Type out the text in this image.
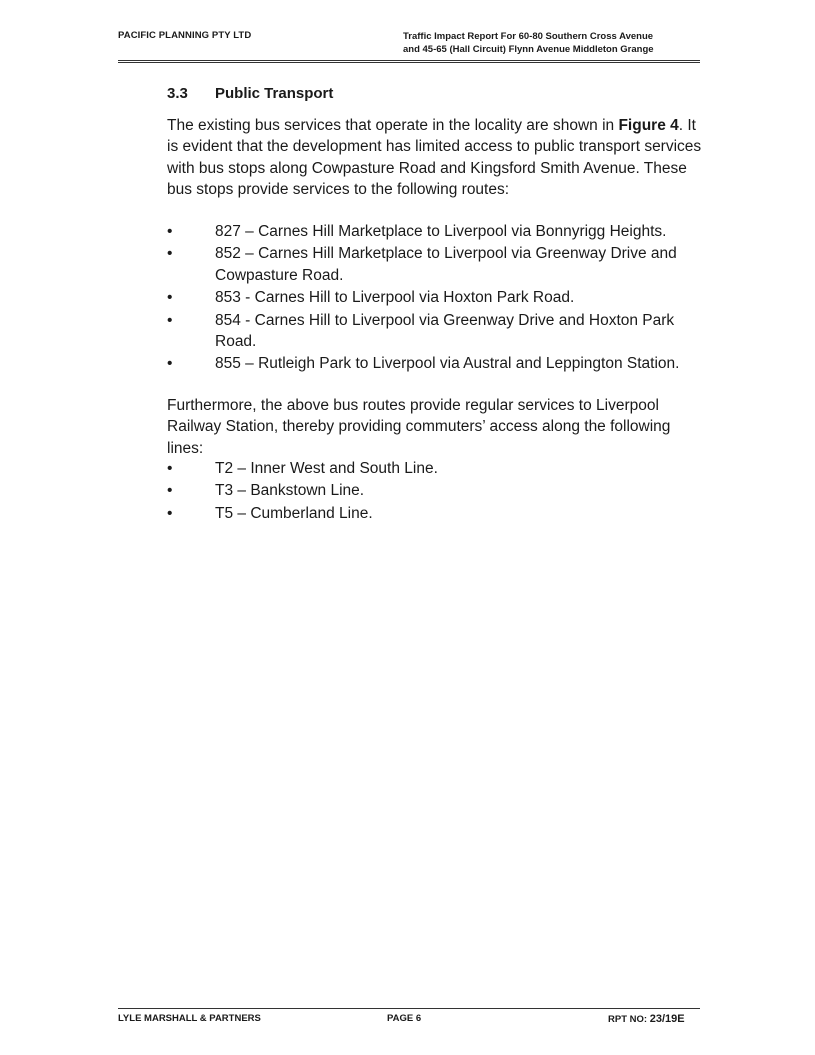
PACIFIC PLANNING PTY LTD	Traffic Impact Report For 60-80 Southern Cross Avenue
and 45-65 (Hall Circuit) Flynn Avenue Middleton Grange
3.3 Public Transport
The existing bus services that operate in the locality are shown in Figure 4. It is evident that the development has limited access to public transport services with bus stops along Cowpasture Road and Kingsford Smith Avenue. These bus stops provide services to the following routes:
•	827 – Carnes Hill Marketplace to Liverpool via Bonnyrigg Heights.
•	852 – Carnes Hill Marketplace to Liverpool via Greenway Drive and Cowpasture Road.
•	853 - Carnes Hill to Liverpool via Hoxton Park Road.
•	854 - Carnes Hill to Liverpool via Greenway Drive and Hoxton Park Road.
•	855 – Rutleigh Park to Liverpool via Austral and Leppington Station.
Furthermore, the above bus routes provide regular services to Liverpool Railway Station, thereby providing commuters’ access along the following lines:
•	T2 – Inner West and South Line.
•	T3 – Bankstown Line.
•	T5 – Cumberland Line.
LYLE MARSHALL & PARTNERS	PAGE 6	RPT NO: 23/19E
